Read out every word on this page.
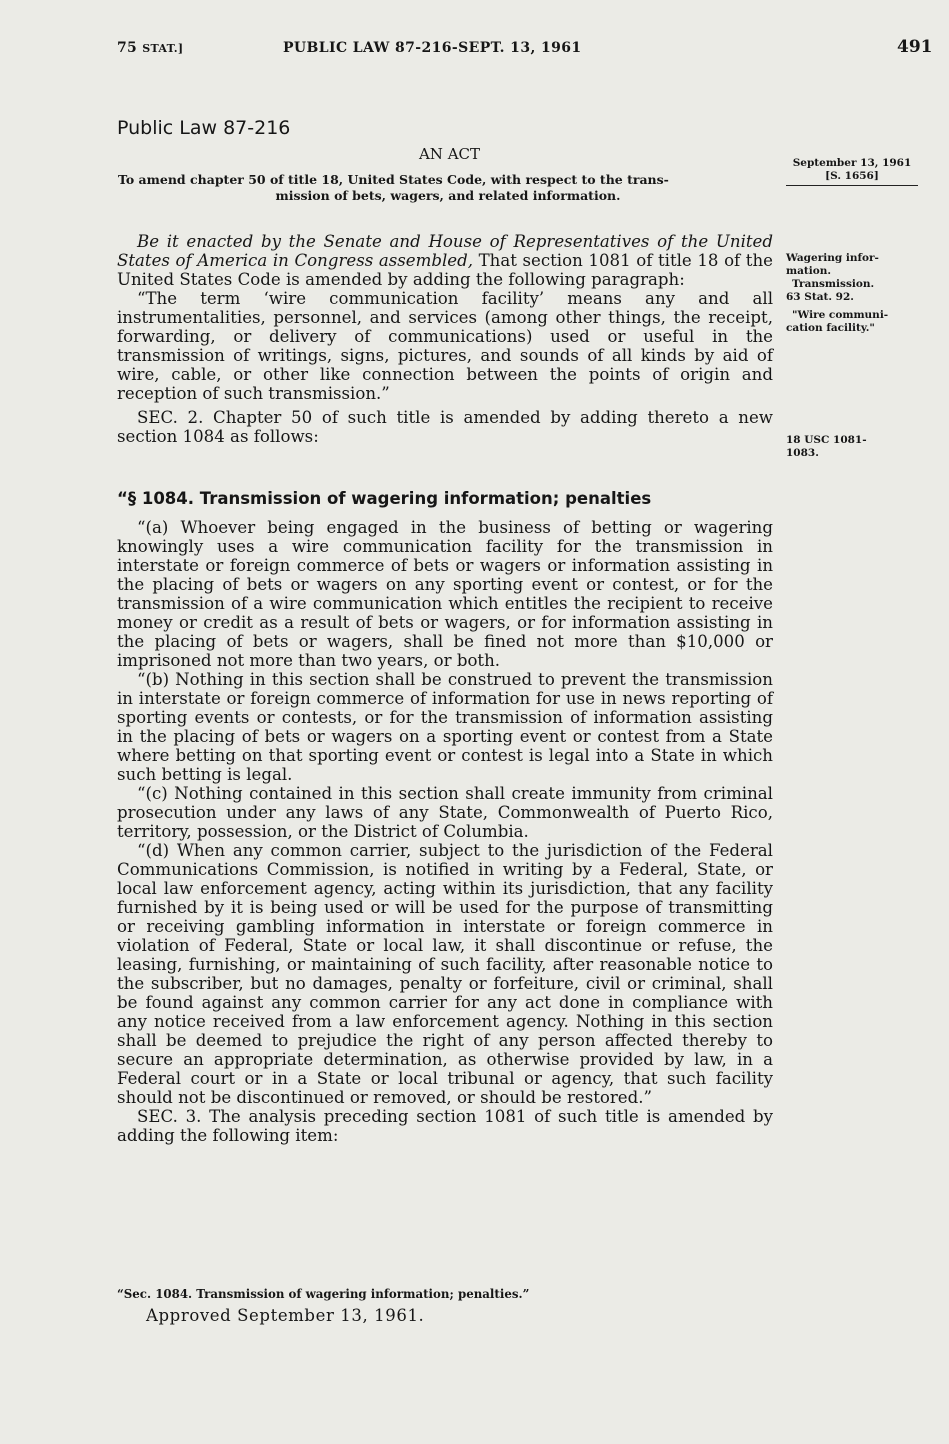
75 STAT.]	PUBLIC LAW 87-216-SEPT. 13, 1961	491
Public Law 87-216
AN ACT
To amend chapter 50 of title 18, United States Code, with respect to the trans-
mission of bets, wagers, and related information.
September 13, 1961
[S. 1656]
Wagering infor-
mation.
Transmission.
63 Stat. 92.
"Wire communi-
cation facility."
18 USC 1081-
1083.

Be it enacted by the Senate and House of Representatives of the United States of America in Congress assembled, That section 1081 of title 18 of the United States Code is amended by adding the following paragraph:

“The term ‘wire communication facility’ means any and all instrumentalities, personnel, and services (among other things, the receipt, forwarding, or delivery of communications) used or useful in the transmission of writings, signs, pictures, and sounds of all kinds by aid of wire, cable, or other like connection between the points of origin and reception of such transmission.”

SEC. 2. Chapter 50 of such title is amended by adding thereto a new section 1084 as follows:

“§ 1084. Transmission of wagering information; penalties

“(a) Whoever being engaged in the business of betting or wagering knowingly uses a wire communication facility for the transmission in interstate or foreign commerce of bets or wagers or information assisting in the placing of bets or wagers on any sporting event or contest, or for the transmission of a wire communication which entitles the recipient to receive money or credit as a result of bets or wagers, or for information assisting in the placing of bets or wagers, shall be fined not more than $10,000 or imprisoned not more than two years, or both.

“(b) Nothing in this section shall be construed to prevent the transmission in interstate or foreign commerce of information for use in news reporting of sporting events or contests, or for the transmission of information assisting in the placing of bets or wagers on a sporting event or contest from a State where betting on that sporting event or contest is legal into a State in which such betting is legal.

“(c) Nothing contained in this section shall create immunity from criminal prosecution under any laws of any State, Commonwealth of Puerto Rico, territory, possession, or the District of Columbia.

“(d) When any common carrier, subject to the jurisdiction of the Federal Communications Commission, is notified in writing by a Federal, State, or local law enforcement agency, acting within its jurisdiction, that any facility furnished by it is being used or will be used for the purpose of transmitting or receiving gambling information in interstate or foreign commerce in violation of Federal, State or local law, it shall discontinue or refuse, the leasing, furnishing, or maintaining of such facility, after reasonable notice to the subscriber, but no damages, penalty or forfeiture, civil or criminal, shall be found against any common carrier for any act done in compliance with any notice received from a law enforcement agency. Nothing in this section shall be deemed to prejudice the right of any person affected thereby to secure an appropriate determination, as otherwise provided by law, in a Federal court or in a State or local tribunal or agency, that such facility should not be discontinued or removed, or should be restored.”

SEC. 3. The analysis preceding section 1081 of such title is amended by adding the following item:

“Sec. 1084. Transmission of wagering information; penalties.”
Approved September 13, 1961.
